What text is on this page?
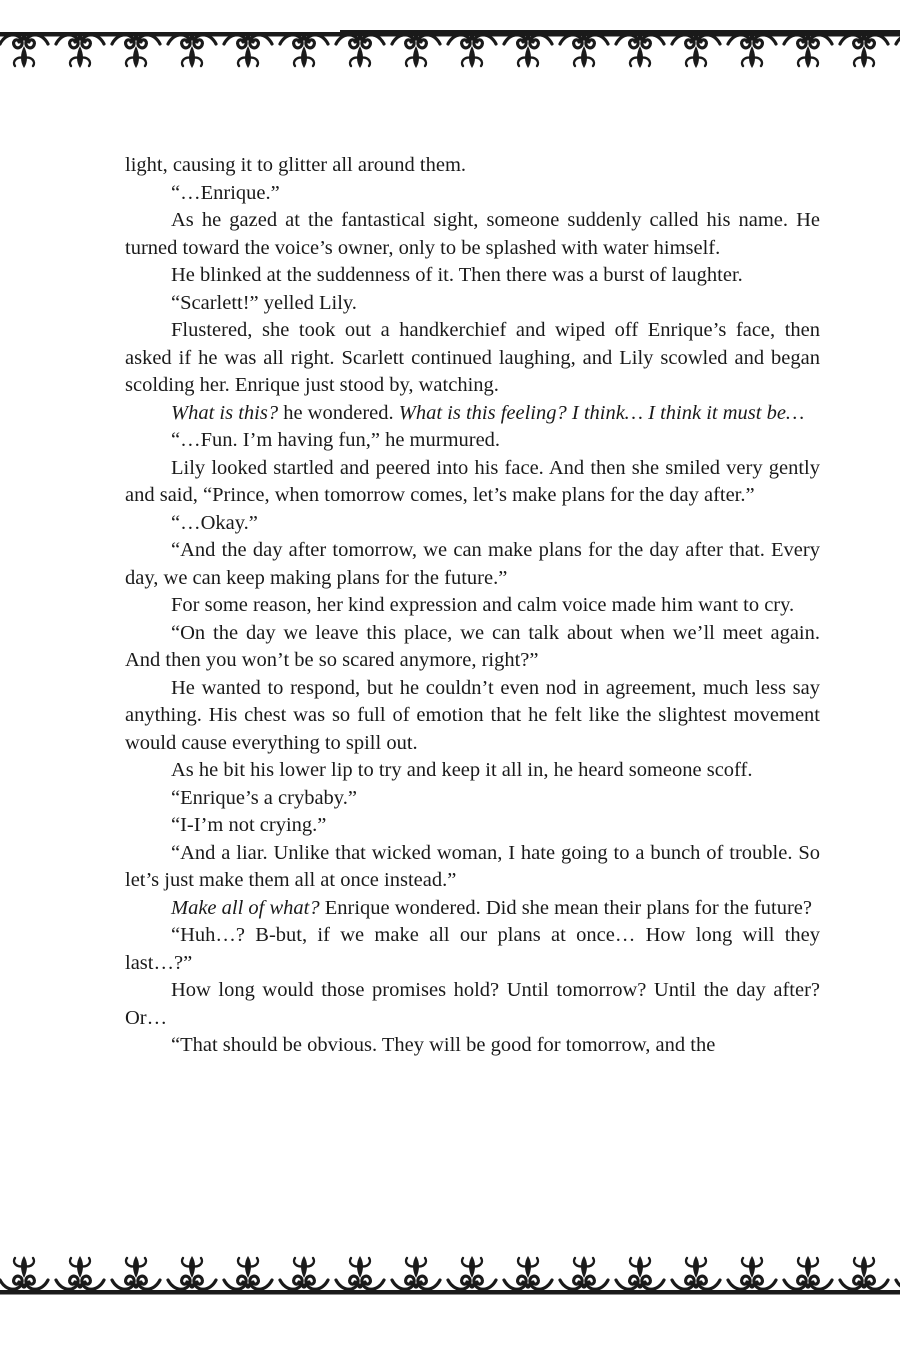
light, causing it to glitter all around them.

“…Enrique.”

As he gazed at the fantastical sight, someone suddenly called his name. He turned toward the voice’s owner, only to be splashed with water himself.

He blinked at the suddenness of it. Then there was a burst of laughter.

“Scarlett!” yelled Lily.

Flustered, she took out a handkerchief and wiped off Enrique’s face, then asked if he was all right. Scarlett continued laughing, and Lily scowled and began scolding her. Enrique just stood by, watching.

What is this? he wondered. What is this feeling? I think… I think it must be…

“…Fun. I’m having fun,” he murmured.

Lily looked startled and peered into his face. And then she smiled very gently and said, “Prince, when tomorrow comes, let’s make plans for the day after.”

“…Okay.”

“And the day after tomorrow, we can make plans for the day after that. Every day, we can keep making plans for the future.”

For some reason, her kind expression and calm voice made him want to cry.

“On the day we leave this place, we can talk about when we’ll meet again. And then you won’t be so scared anymore, right?”

He wanted to respond, but he couldn’t even nod in agreement, much less say anything. His chest was so full of emotion that he felt like the slightest movement would cause everything to spill out.

As he bit his lower lip to try and keep it all in, he heard someone scoff.

“Enrique’s a crybaby.”

“I-I’m not crying.”

“And a liar. Unlike that wicked woman, I hate going to a bunch of trouble. So let’s just make them all at once instead.”

Make all of what? Enrique wondered. Did she mean their plans for the future?

“Huh…? B-but, if we make all our plans at once… How long will they last…?”

How long would those promises hold? Until tomorrow? Until the day after? Or…

“That should be obvious. They will be good for tomorrow, and the
